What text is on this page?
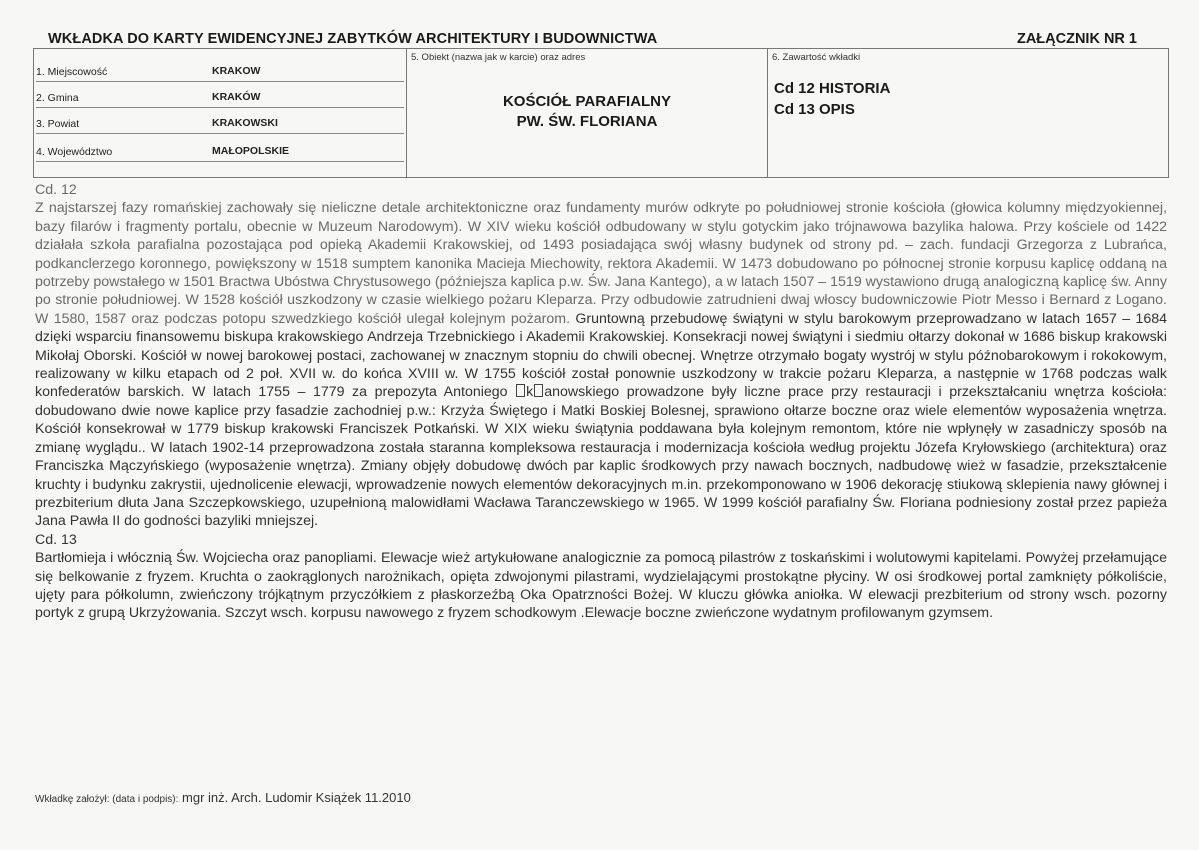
WKŁADKA DO KARTY EWIDENCYJNEJ ZABYTKÓW ARCHITEKTURY I BUDOWNICTWA	ZAŁĄCZNIK NR 1
1. Miejscowość	KRAKOW
2. Gmina	KRAKÓW
3. Powiat	KRAKOWSKI
4. Województwo	MAŁOPOLSKIE
5. Obiekt (nazwa jak w karcie) oraz adres
KOŚCIÓŁ PARAFIALNY
PW. ŚW. FLORIANA
6. Zawartość wkładki
Cd 12 HISTORIA
Cd 13 OPIS
Cd. 12
Z najstarszej fazy romańskiej zachowały się nieliczne detale architektoniczne oraz fundamenty murów odkryte po południowej stronie kościoła (głowica kolumny międzyokiennej, bazy filarów i fragmenty portalu, obecnie w Muzeum Narodowym). W XIV wieku kościół odbudowany w stylu gotyckim jako trójnawowa bazylika halowa. Przy kościele od 1422 działała szkoła parafialna pozostająca pod opieką Akademii Krakowskiej, od 1493 posiadająca swój własny budynek od strony pd. – zach. fundacji Grzegorza z Lubrańca, podkanclerzego koronnego, powiększony w 1518 sumptem kanonika Macieja Miechowity, rektora Akademii. W 1473 dobudowano po północnej stronie korpusu kaplicę oddaną na potrzeby powstałego w 1501 Bractwa Ubóstwa Chrystusowego (późniejsza kaplica p.w. Św. Jana Kantego), a w latach 1507 – 1519 wystawiono drugą analogiczną kaplicę św. Anny po stronie południowej. W 1528 kościół uszkodzony w czasie wielkiego pożaru Kleparza. Przy odbudowie zatrudnieni dwaj włoscy budowniczowie Piotr Messo i Bernard z Logano. W 1580, 1587 oraz podczas potopu szwedzkiego kościół ulegał kolejnym pożarom. Gruntowną przebudowę świątyni w stylu barokowym przeprowadzano w latach 1657 – 1684 dzięki wsparciu finansowemu biskupa krakowskiego Andrzeja Trzebnickiego i Akademii Krakowskiej. Konsekracji nowej świątyni i siedmiu ołtarzy dokonał w 1686 biskup krakowski Mikołaj Oborski. Kościół w nowej barokowej postaci, zachowanej w znacznym stopniu do chwili obecnej. Wnętrze otrzymało bogaty wystrój w stylu późnobarokowym i rokokowym, realizowany w kilku etapach od 2 poł. XVII w. do końca XVIII w. W 1755 kościół został ponownie uszkodzony w trakcie pożaru Kleparza, a następnie w 1768 podczas walk konfederatów barskich. W latach 1755 – 1779 za prepozyta Antoniego k anowskiego prowadzone były liczne prace przy restauracji i przekształcaniu wnętrza kościoła: dobudowano dwie nowe kaplice przy fasadzie zachodniej p.w.: Krzyża Świętego i Matki Boskiej Bolesnej, sprawiono ołtarze boczne oraz wiele elementów wyposażenia wnętrza. Kościół konsekrował w 1779 biskup krakowski Franciszek Potkański. W XIX wieku świątynia poddawana była kolejnym remontom, które nie wpłynęły w zasadniczy sposób na zmianę wyglądu.. W latach 1902-14 przeprowadzona została staranna kompleksowa restauracja i modernizacja kościoła według projektu Józefa Kryłowskiego (architektura) oraz Franciszka Mączyńskiego (wyposażenie wnętrza). Zmiany objęły dobudowę dwóch par kaplic środkowych przy nawach bocznych, nadbudowę wież w fasadzie, przekształcenie kruchty i budynku zakrystii, ujednolicenie elewacji, wprowadzenie nowych elementów dekoracyjnych m.in. przekomponowano w 1906 dekorację stiukową sklepienia nawy głównej i prezbiterium dłuta Jana Szczepkowskiego, uzupełnioną malowidłami Wacława Taranczewskiego w 1965. W 1999 kościół parafialny Św. Floriana podniesiony został przez papieża Jana Pawła II do godności bazyliki mniejszej.
Cd. 13
Bartłomieja i włócznią Św. Wojciecha oraz panopliami. Elewacje wież artykułowane analogicznie za pomocą pilastrów z toskańskimi i wolutowymi kapitelami. Powyżej przełamujące się belkowanie z fryzem. Kruchta o zaokrąglonych narożnikach, opięta zdwojonymi pilastrami, wydzielającymi prostokątne płyciny. W osi środkowej portal zamknięty półkoliście, ujęty para półkolumn, zwieńczony trójkątnym przyczółkiem z płaskorzeźbą Oka Opatrzności Bożej. W kluczu główka aniołka. W elewacji prezbiterium od strony wsch. pozorny portyk z grupą Ukrzyżowania. Szczyt wsch. korpusu nawowego z fryzem schodkowym .Elewacje boczne zwieńczone wydatnym profilowanym gzymsem.
Wkładkę założył: (data i podpis): mgr inż. Arch. Ludomir Książek 11.2010
